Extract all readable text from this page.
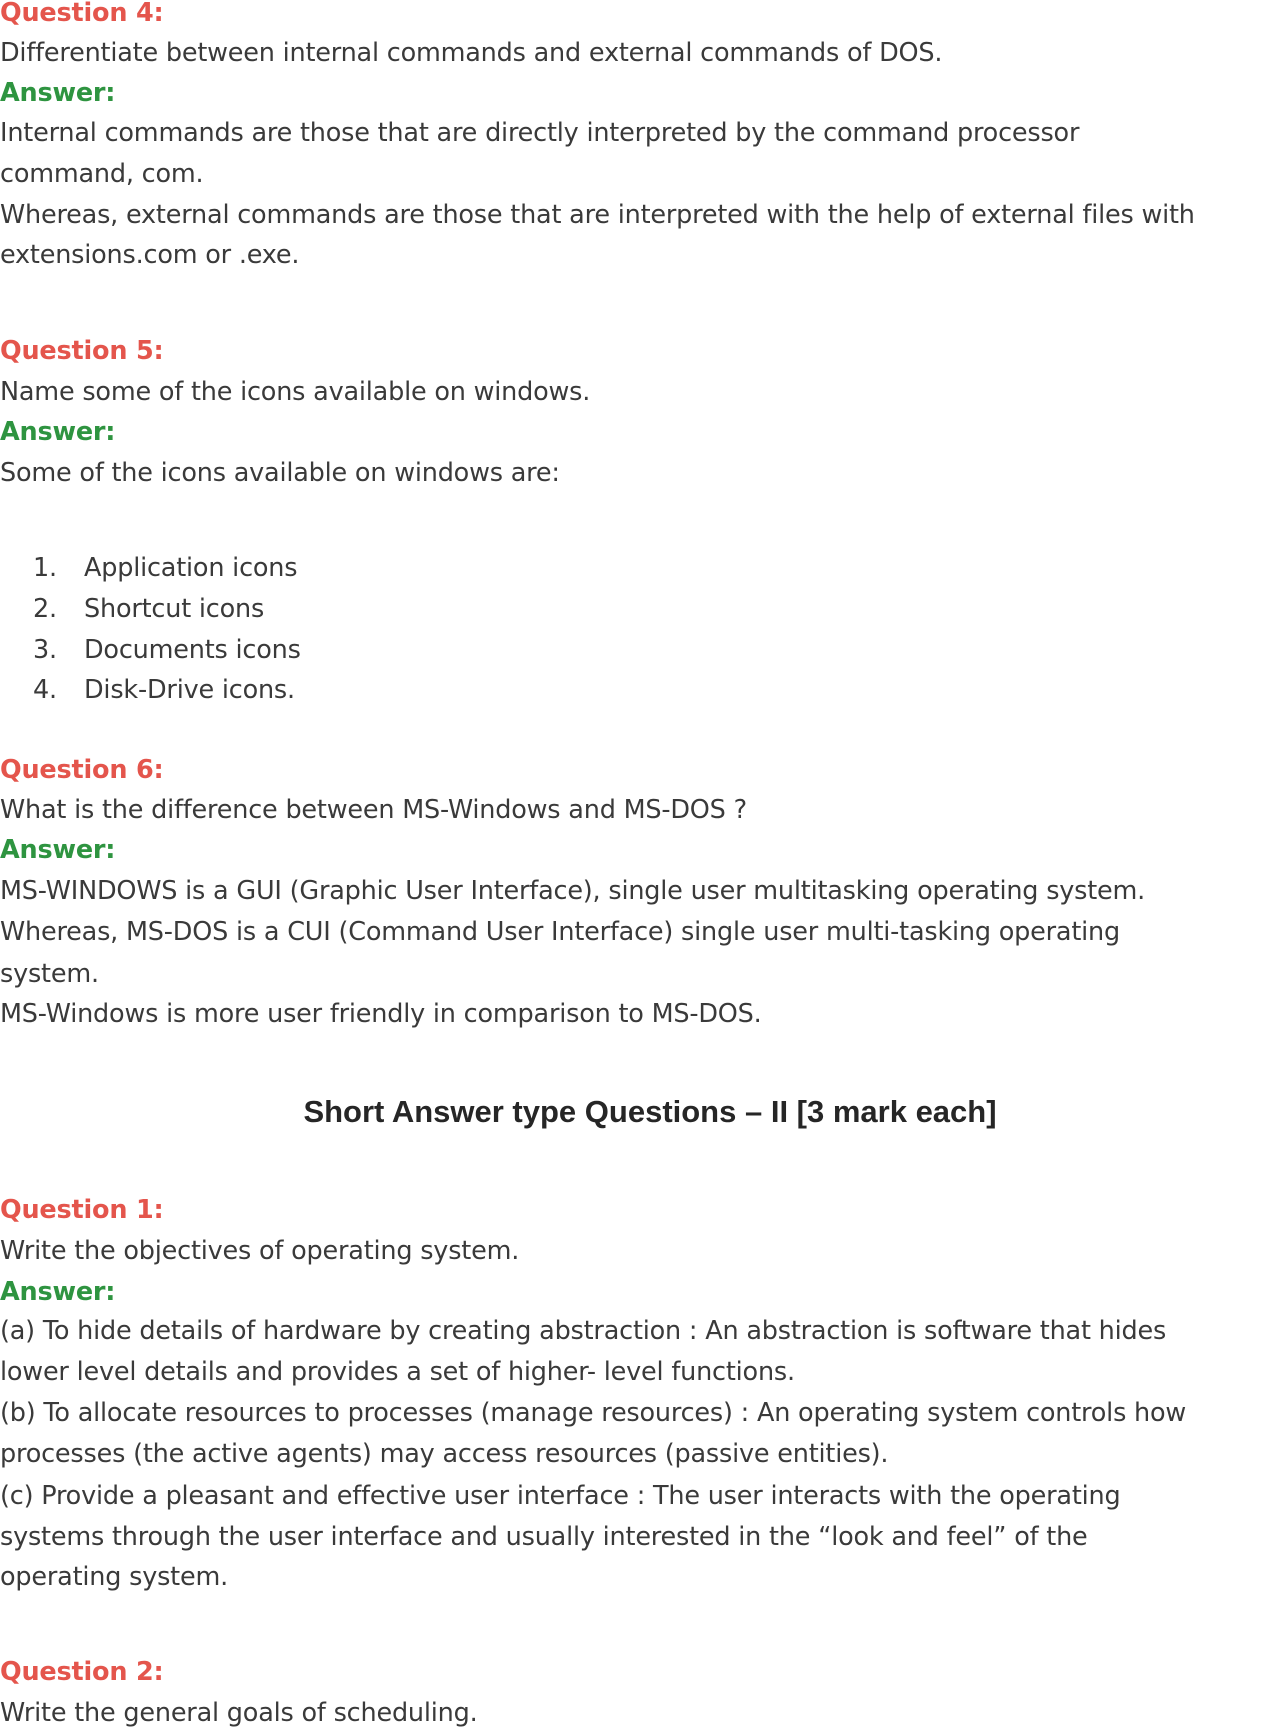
Question 4:
Differentiate between internal commands and external commands of DOS.
Answer:
Internal commands are those that are directly interpreted by the command processor
command, com.
Whereas, external commands are those that are interpreted with the help of external files with
extensions.com or .exe.
Question 5:
Name some of the icons available on windows.
Answer:
Some of the icons available on windows are:
1. Application icons
2. Shortcut icons
3. Documents icons
4. Disk-Drive icons.
Question 6:
What is the difference between MS-Windows and MS-DOS ?
Answer:
MS-WINDOWS is a GUI (Graphic User Interface), single user multitasking operating system.
Whereas, MS-DOS is a CUI (Command User Interface) single user multi-tasking operating
system.
MS-Windows is more user friendly in comparison to MS-DOS.
Short Answer type Questions – II [3 mark each]
Question 1:
Write the objectives of operating system.
Answer:
(a) To hide details of hardware by creating abstraction : An abstraction is software that hides
lower level details and provides a set of higher- level functions.
(b) To allocate resources to processes (manage resources) : An operating system controls how
processes (the active agents) may access resources (passive entities).
(c) Provide a pleasant and effective user interface : The user interacts with the operating
systems through the user interface and usually interested in the “look and feel” of the
operating system.
Question 2:
Write the general goals of scheduling.
